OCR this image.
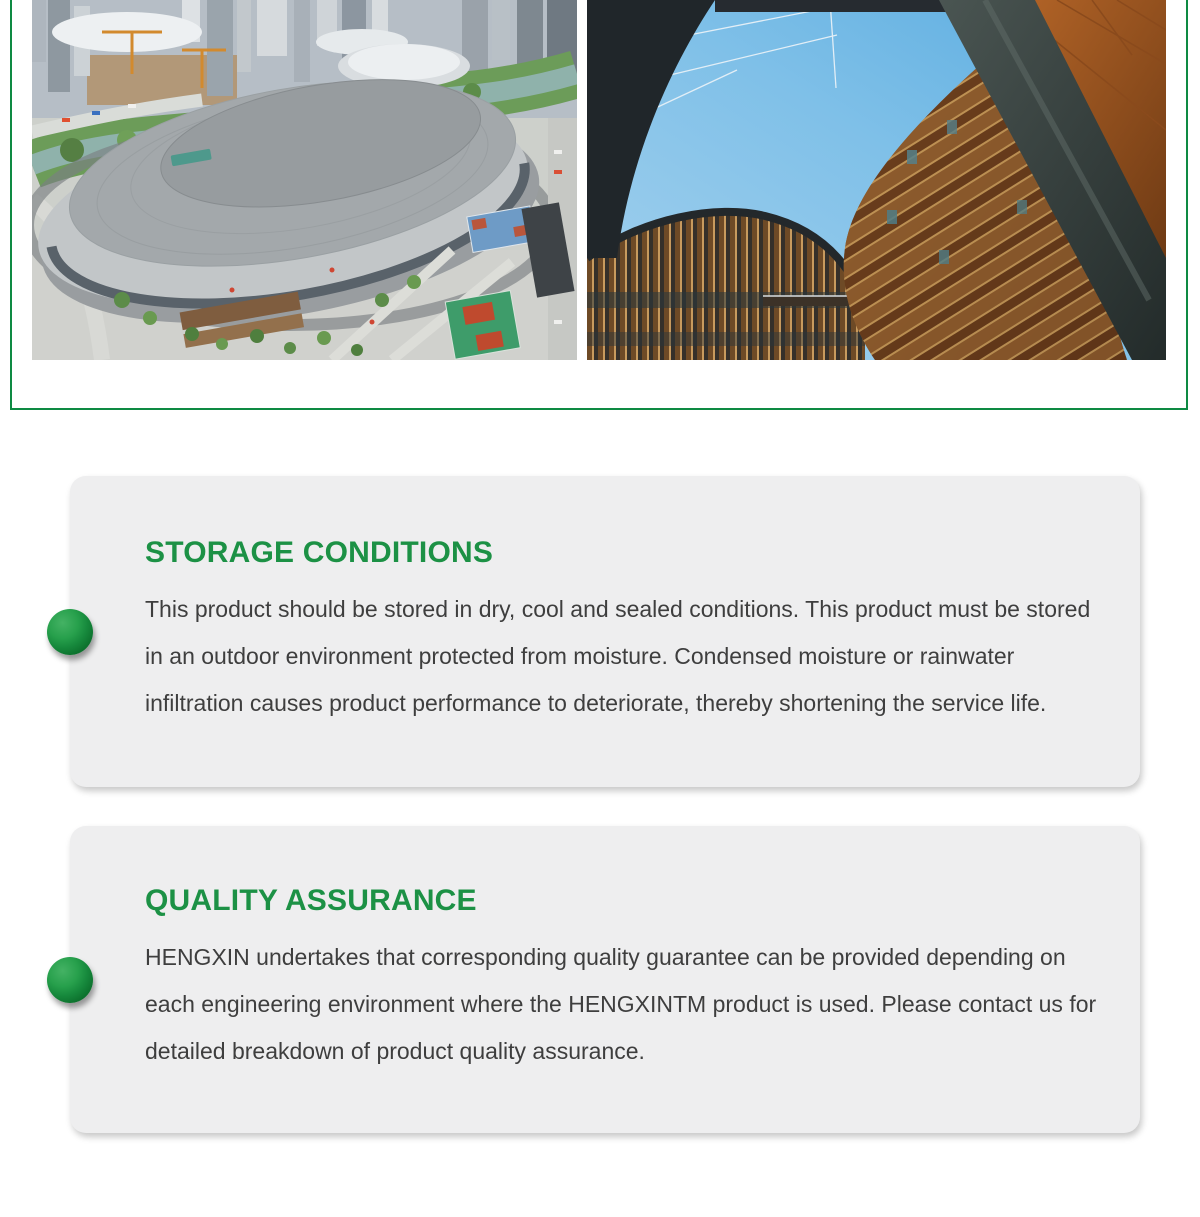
STORAGE CONDITIONS

This product should be stored in dry, cool and sealed conditions. This product must be stored in an outdoor environment protected from moisture. Condensed moisture or rainwater infiltration causes product performance to deteriorate, thereby shortening the service life.

QUALITY ASSURANCE

HENGXIN undertakes that corresponding quality guarantee can be provided depending on each engineering environment where the HENGXINTM product is used. Please contact us for detailed breakdown of product quality assurance.
